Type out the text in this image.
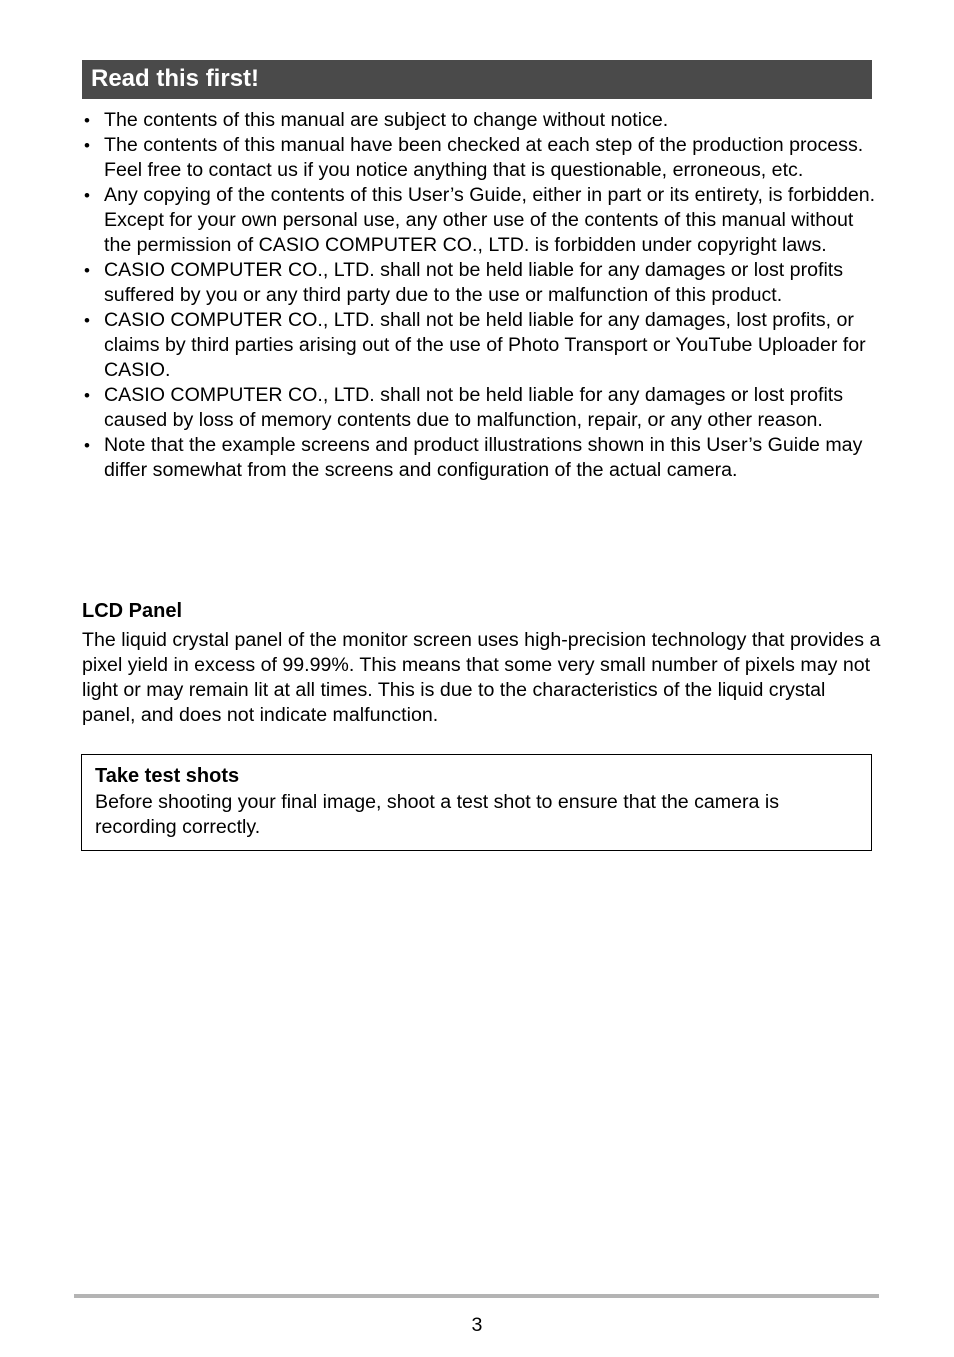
Read this first!
• The contents of this manual are subject to change without notice.
• The contents of this manual have been checked at each step of the production process. Feel free to contact us if you notice anything that is questionable, erroneous, etc.
• Any copying of the contents of this User’s Guide, either in part or its entirety, is forbidden. Except for your own personal use, any other use of the contents of this manual without the permission of CASIO COMPUTER CO., LTD. is forbidden under copyright laws.
• CASIO COMPUTER CO., LTD. shall not be held liable for any damages or lost profits suffered by you or any third party due to the use or malfunction of this product.
• CASIO COMPUTER CO., LTD. shall not be held liable for any damages, lost profits, or claims by third parties arising out of the use of Photo Transport or YouTube Uploader for CASIO.
• CASIO COMPUTER CO., LTD. shall not be held liable for any damages or lost profits caused by loss of memory contents due to malfunction, repair, or any other reason.
• Note that the example screens and product illustrations shown in this User’s Guide may differ somewhat from the screens and configuration of the actual camera.
LCD Panel

The liquid crystal panel of the monitor screen uses high-precision technology that provides a pixel yield in excess of 99.99%. This means that some very small number of pixels may not light or may remain lit at all times. This is due to the characteristics of the liquid crystal panel, and does not indicate malfunction.

Take test shots
Before shooting your final image, shoot a test shot to ensure that the camera is recording correctly.
3
